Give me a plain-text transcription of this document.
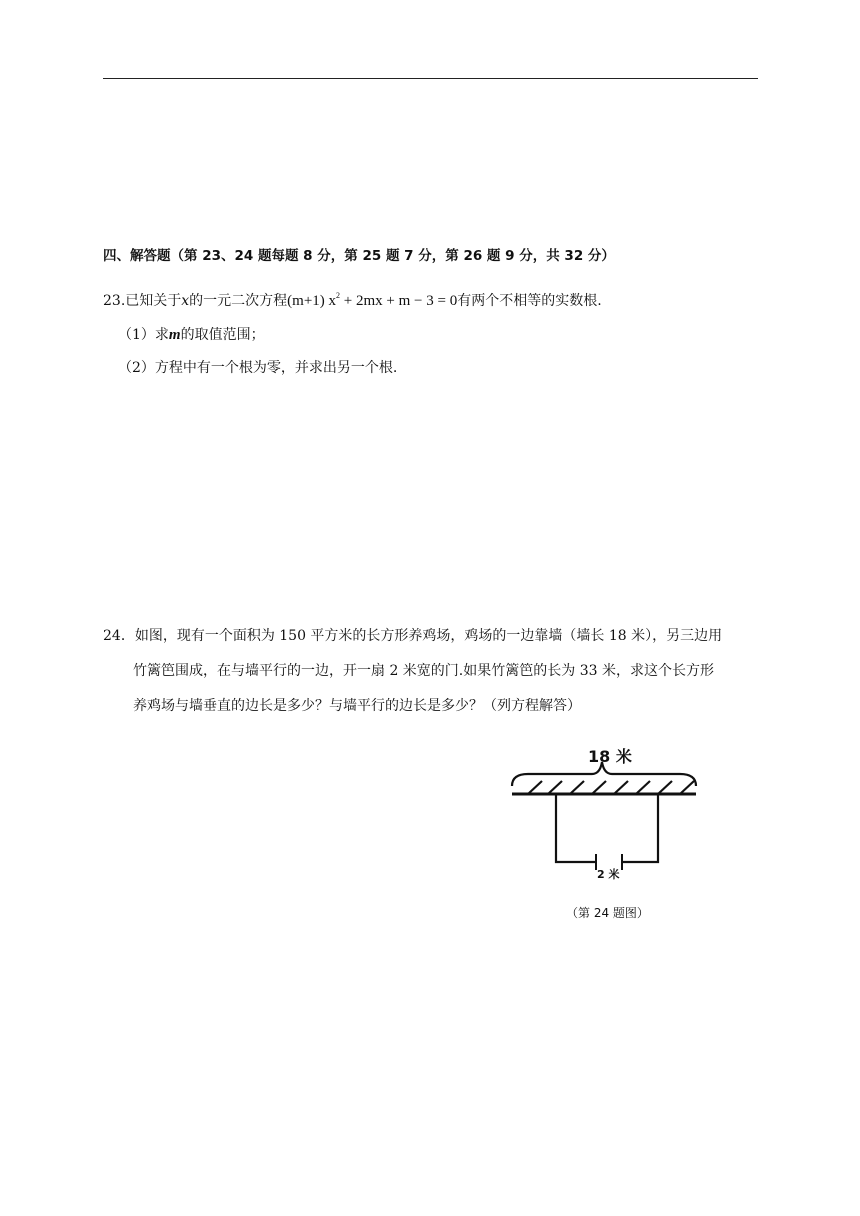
四、解答题（第 23、24 题每题 8 分，第 25 题 7 分，第 26 题 9 分，共 32 分）
23.已知关于x的一元二次方程(m+1) $x^2 + 2mx + m - 3 = 0$有两个不相等的实数根.
（1）求m的取值范围；
（2）方程中有一个根为零，并求出另一个根.
24．如图，现有一个面积为 150 平方米的长方形养鸡场，鸡场的一边靠墙（墙长 18 米），另三边用
竹篱笆围成，在与墙平行的一边，开一扇 2 米宽的门.如果竹篱笆的长为 33 米，求这个长方形
养鸡场与墙垂直的边长是多少？与墙平行的边长是多少？（列方程解答）
18 米
2 米
（第 24 题图）
